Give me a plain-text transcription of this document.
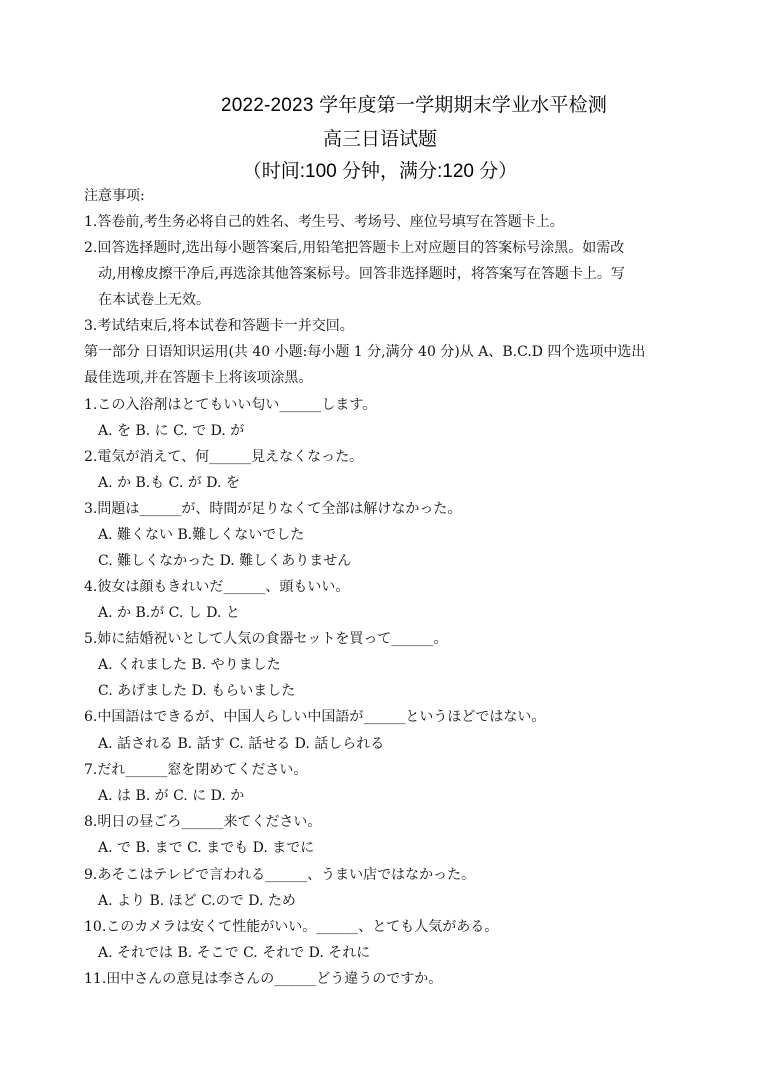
2022-2023 学年度第一学期期末学业水平检测
高三日语试题
（时间:100 分钟，满分:120 分）
注意事项:
1.答卷前,考生务必将自己的姓名、考生号、考场号、座位号填写在答题卡上。
2.回答选择题时,选出每小题答案后,用铅笔把答题卡上对应题目的答案标号涂黑。如需改
动,用橡皮擦干净后,再选涂其他答案标号。回答非选择题时，将答案写在答题卡上。写
在本试卷上无效。
3.考试结束后,将本试卷和答题卡一并交回。
第一部分 日语知识运用(共 40 小题:每小题 1 分,满分 40 分)从 A、B.C.D 四个选项中选出
最佳选项,并在答题卡上将该项涂黑。
1.この入浴剤はとてもいい匂い______します。
A. を B. に C. で D. が
2.電気が消えて、何______見えなくなった。
A. か B.も C. が D. を
3.問題は______が、時間が足りなくて全部は解けなかった。
A. 難くない B.難しくないでした
C. 難しくなかった D. 難しくありません
4.彼女は顔もきれいだ______、頭もいい。
A. か B.が C. し D. と
5.姉に結婚祝いとして人気の食器セットを買って______。
A. くれました B. やりました
C. あげました D. もらいました
6.中国語はできるが、中国人らしい中国語が______というほどではない。
A. 話される B. 話す C. 話せる D. 話しられる
7.だれ______窓を閉めてください。
A. は B. が C. に D. か
8.明日の昼ごろ______来てください。
A. で B. まで C. までも D. までに
9.あそこはテレビで言われる______、うまい店ではなかった。
A. より B. ほど C.ので D. ため
10.このカメラは安くて性能がいい。______、とても人気がある。
A. それでは B. そこで C. それで D. それに
11.田中さんの意見は李さんの______どう違うのですか。
